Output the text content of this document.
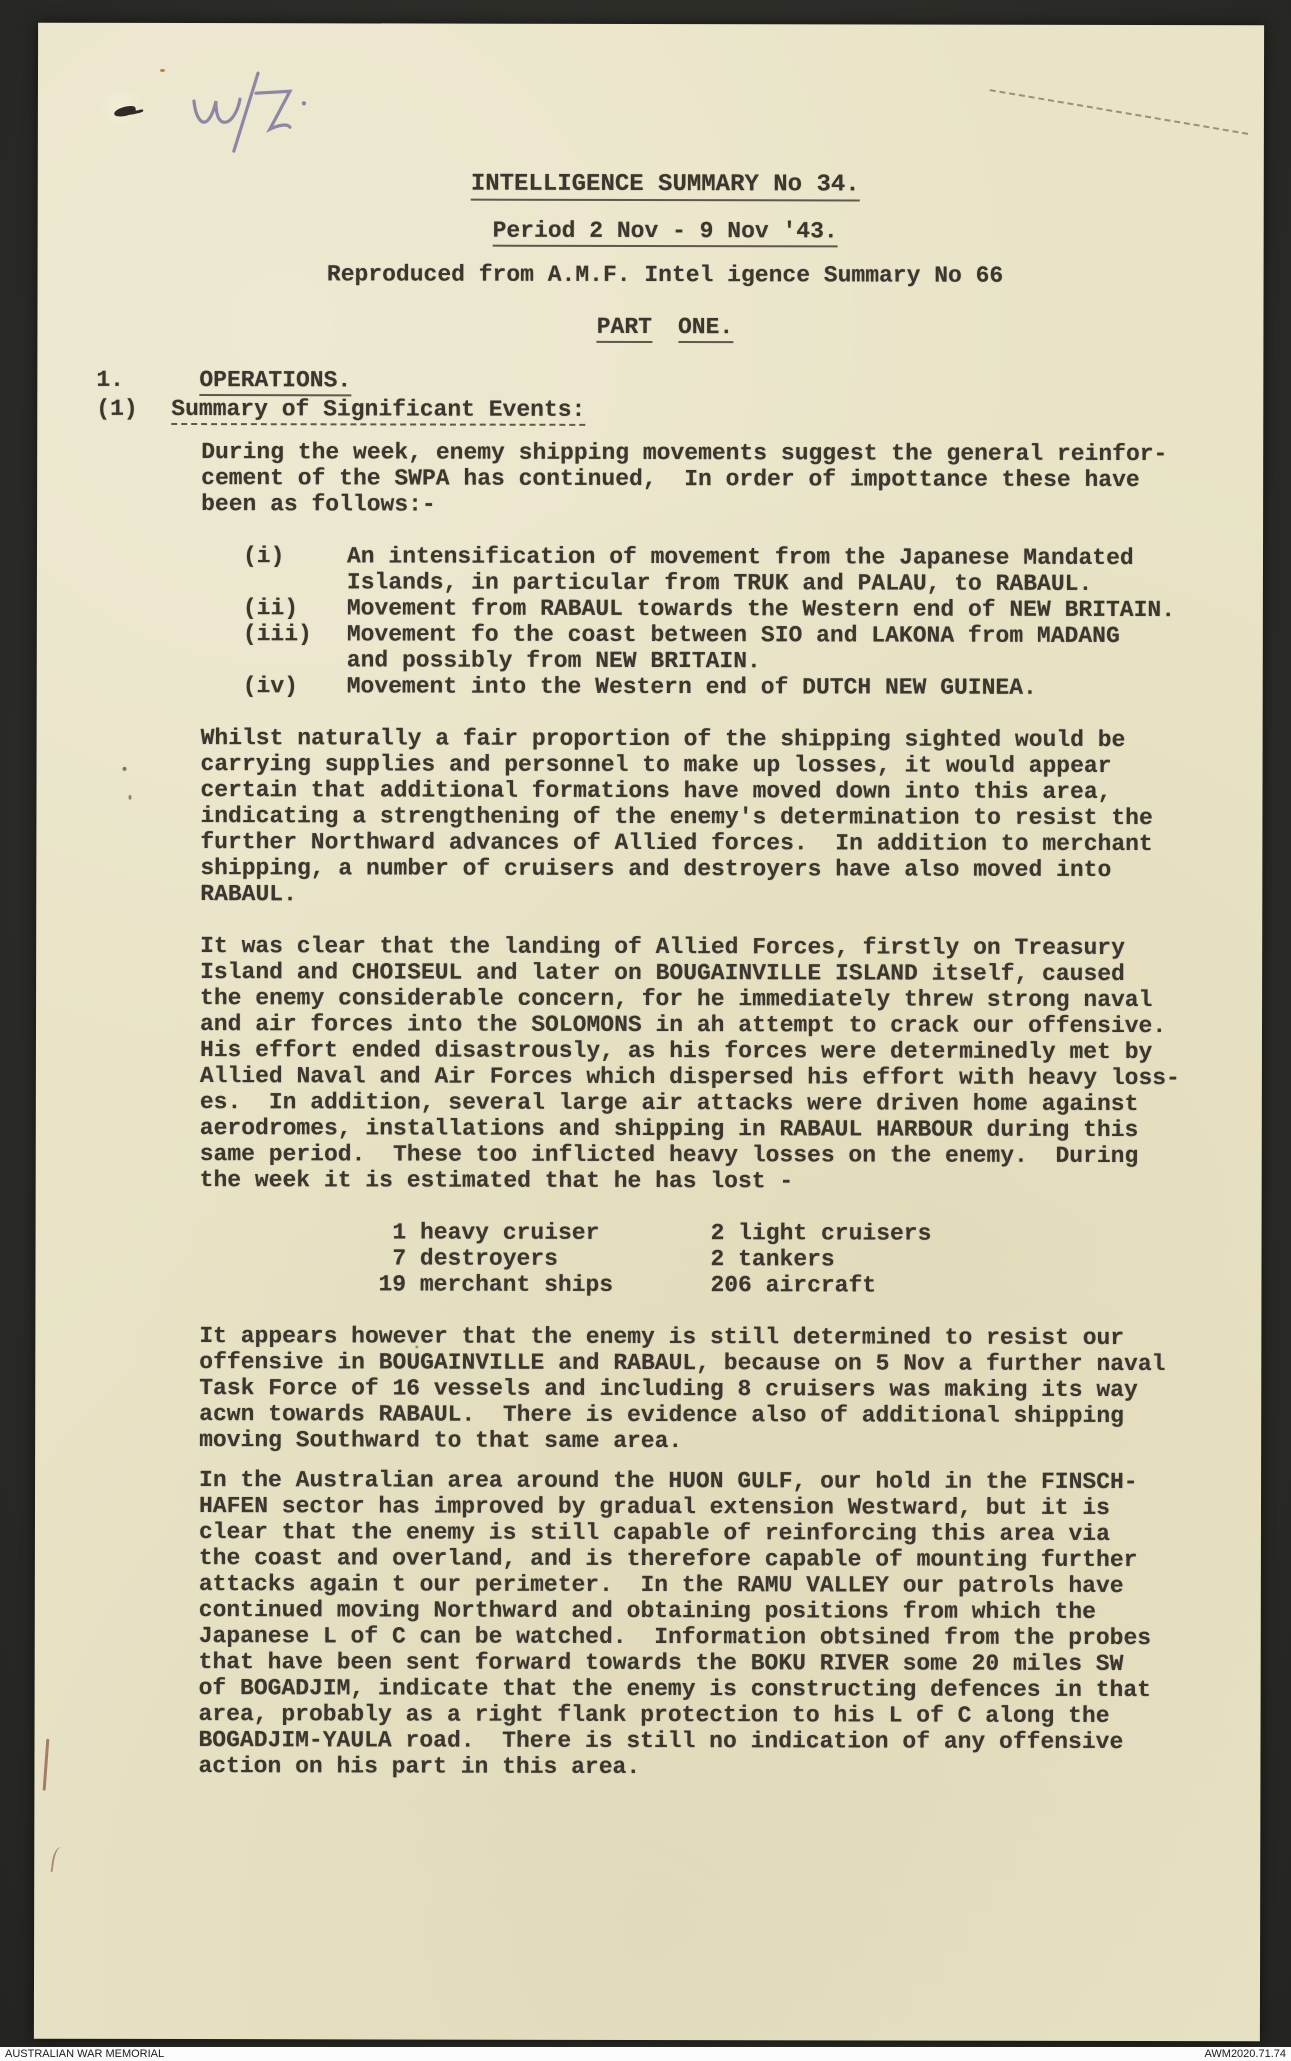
INTELLIGENCE SUMMARY No 34.
Period 2 Nov - 9 Nov '43.
Reproduced from A.M.F. Intel igence Summary No 66
PART ONE.
1.	OPERATIONS.
(1)	Summary of Significant Events:
During the week, enemy shipping movements suggest the general reinfor-
cement of the SWPA has continued,  In order of impottance these have
been as follows:-
(i)	An intensification of movement from the Japanese Mandated
Islands, in particular from TRUK and PALAU, to RABAUL.
(ii)	Movement from RABAUL towards the Western end of NEW BRITAIN.
(iii)	Movement fo the coast between SIO and LAKONA from MADANG
and possibly from NEW BRITAIN.
(iv)	Movement into the Western end of DUTCH NEW GUINEA.
Whilst naturally a fair proportion of the shipping sighted would be
carrying supplies and personnel to make up losses, it would appear
certain that additional formations have moved down into this area,
indicating a strengthening of the enemy's determination to resist the
further Northward advances of Allied forces.  In addition to merchant
shipping, a number of cruisers and destroyers have also moved into
RABAUL.
It was clear that the landing of Allied Forces, firstly on Treasury
Island and CHOISEUL and later on BOUGAINVILLE ISLAND itself, caused
the enemy considerable concern, for he immediately threw strong naval
and air forces into the SOLOMONS in ah attempt to crack our offensive.
His effort ended disastrously, as his forces were determinedly met by
Allied Naval and Air Forces which dispersed his effort with heavy loss-
es.  In addition, several large air attacks were driven home against
aerodromes, installations and shipping in RABAUL HARBOUR during this
same period.  These too inflicted heavy losses on the enemy.  During
the week it is estimated that he has lost -
1 heavy cruiser	2 light cruisers
7 destroyers	2 tankers
19 merchant ships	206 aircraft
It appears however that the enemy is still determined to resist our
offensive in BOUGAINVILLE and RABAUL, because on 5 Nov a further naval
Task Force of 16 vessels and including 8 cruisers was making its way
acwn towards RABAUL.  There is evidence also of additional shipping
moving Southward to that same area.
In the Australian area around the HUON GULF, our hold in the FINSCH-
HAFEN sector has improved by gradual extension Westward, but it is
clear that the enemy is still capable of reinforcing this area via
the coast and overland, and is therefore capable of mounting further
attacks again t our perimeter.  In the RAMU VALLEY our patrols have
continued moving Northward and obtaining positions from which the
Japanese L of C can be watched.  Information obtsined from the probes
that have been sent forward towards the BOKU RIVER some 20 miles SW
of BOGADJIM, indicate that the enemy is constructing defences in that
area, probably as a right flank protection to his L of C along the
BOGADJIM-YAULA road.  There is still no indication of any offensive
action on his part in this area.
AUSTRALIAN WAR MEMORIAL	AWM2020.71.74
